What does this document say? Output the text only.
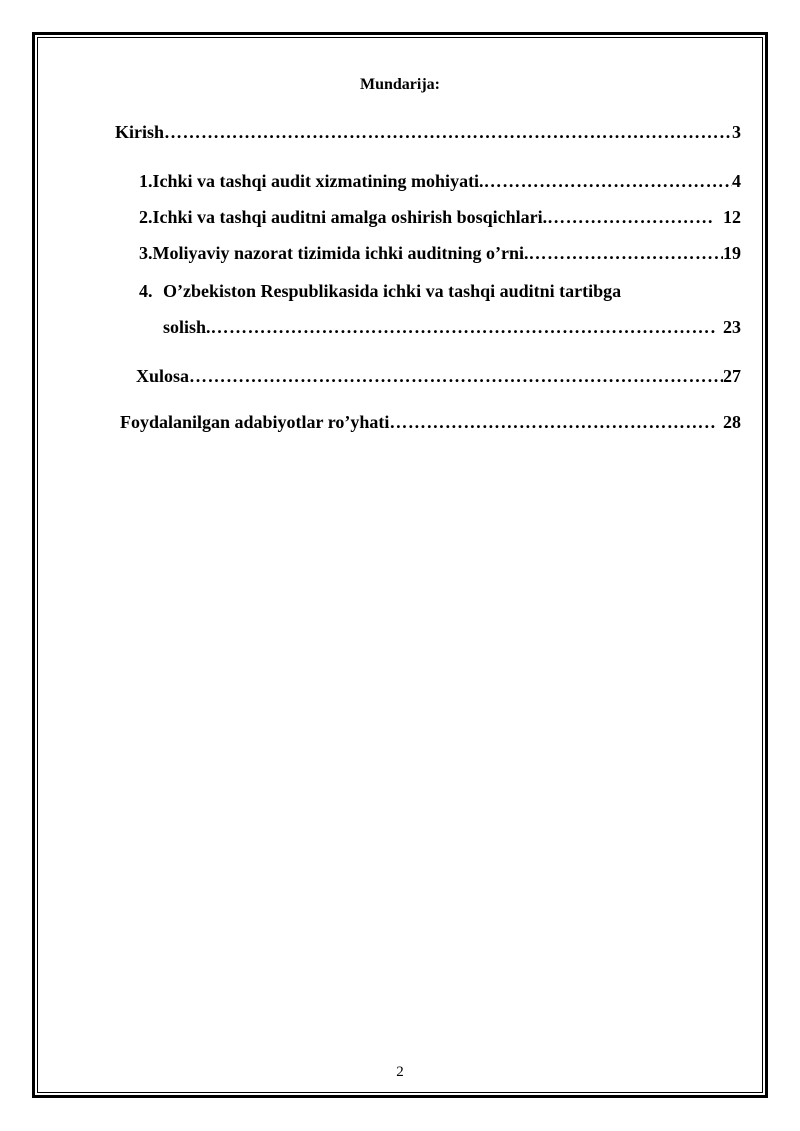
Mundarija:
Kirish ……………………………………………………………………………………………………………………………………………………………	3
1. Ichki va tashqi audit xizmatining mohiyati. ……………………………………………………………………………………………………………………………………………………………	4
2. Ichki va tashqi auditni amalga oshirish bosqichlari. ……………………………………………………………………………………………………………………………………………………………	12
3. Moliyaviy nazorat tizimida ichki auditning o’rni. ……………………………………………………………………………………………………………………………………………………………	19
4. O’zbekiston Respublikasida ichki va tashqi auditni tartibga
solish. ……………………………………………………………………………………………………………………………………………………………	23
Xulosa ……………………………………………………………………………………………………………………………………………………………	27
Foydalanilgan adabiyotlar ro’yhati ……………………………………………………………………………………………………………………………………………………………	28

2
